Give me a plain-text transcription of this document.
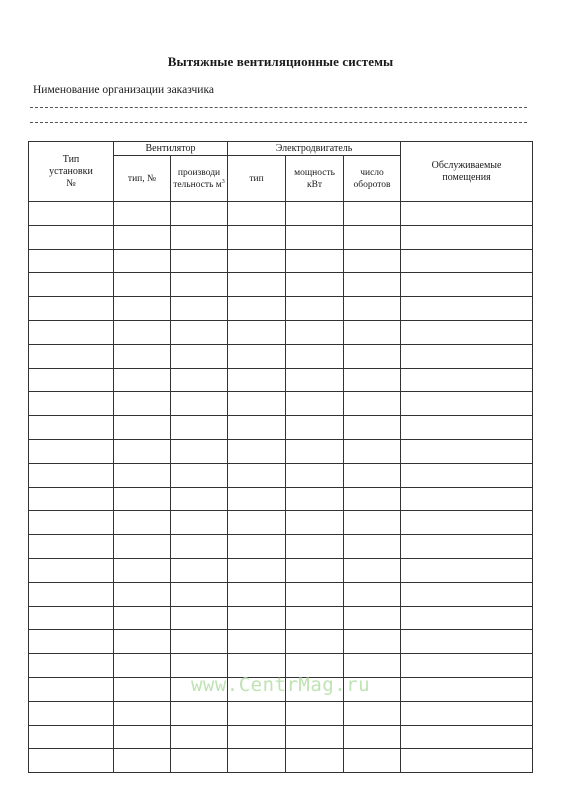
Вытяжные вентиляционные системы
Нименование организации заказчика
Тип установки №	Вентилятор		Электродвигатель			Обслуживаемые помещения

	тип, №	производи тельность $м^3$	тип	мощность кВт	число оборотов	

www.CentrMag.ru
